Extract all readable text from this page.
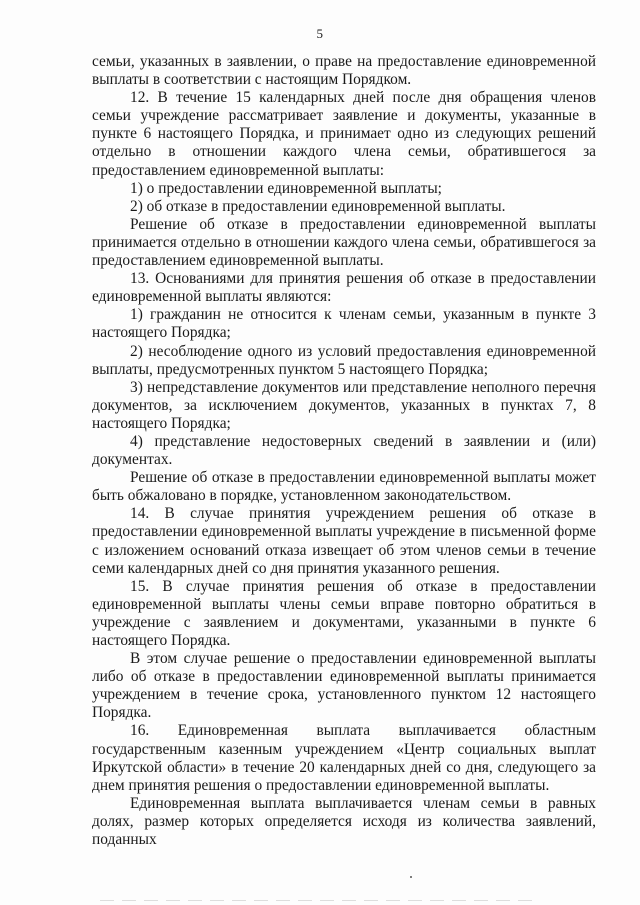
5

семьи, указанных в заявлении, о праве на предоставление единовременной выплаты в соответствии с настоящим Порядком.

12. В течение 15 календарных дней после дня обращения членов семьи учреждение рассматривает заявление и документы, указанные в пункте 6 настоящего Порядка, и принимает одно из следующих решений отдельно в отношении каждого члена семьи, обратившегося за предоставлением единовременной выплаты:

1) о предоставлении единовременной выплаты;

2) об отказе в предоставлении единовременной выплаты.

Решение об отказе в предоставлении единовременной выплаты принимается отдельно в отношении каждого члена семьи, обратившегося за предоставлением единовременной выплаты.

13. Основаниями для принятия решения об отказе в предоставлении единовременной выплаты являются:

1) гражданин не относится к членам семьи, указанным в пункте 3 настоящего Порядка;

2) несоблюдение одного из условий предоставления единовременной выплаты, предусмотренных пунктом 5 настоящего Порядка;

3) непредставление документов или представление неполного перечня документов, за исключением документов, указанных в пунктах 7, 8 настоящего Порядка;

4) представление недостоверных сведений в заявлении и (или) документах.

Решение об отказе в предоставлении единовременной выплаты может быть обжаловано в порядке, установленном законодательством.

14. В случае принятия учреждением решения об отказе в предоставлении единовременной выплаты учреждение в письменной форме с изложением оснований отказа извещает об этом членов семьи в течение семи календарных дней со дня принятия указанного решения.

15. В случае принятия решения об отказе в предоставлении единовременной выплаты члены семьи вправе повторно обратиться в учреждение с заявлением и документами, указанными в пункте 6 настоящего Порядка.

В этом случае решение о предоставлении единовременной выплаты либо об отказе в предоставлении единовременной выплаты принимается учреждением в течение срока, установленного пунктом 12 настоящего Порядка.

16. Единовременная выплата выплачивается областным государственным казенным учреждением «Центр социальных выплат Иркутской области» в течение 20 календарных дней со дня, следующего за днем принятия решения о предоставлении единовременной выплаты.

Единовременная выплата выплачивается членам семьи в равных долях, размер которых определяется исходя из количества заявлений, поданных
